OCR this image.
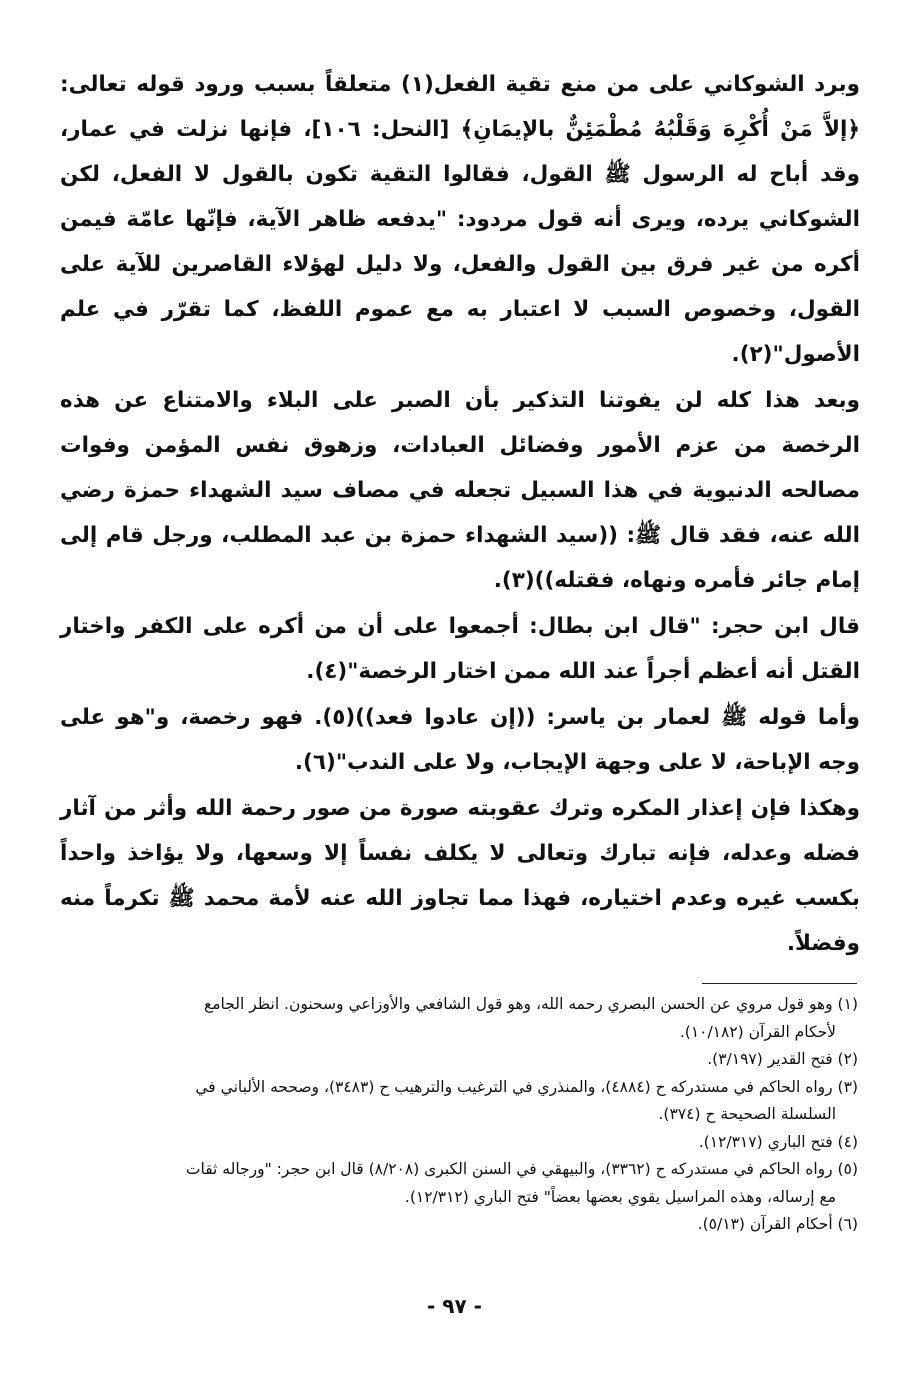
وبرد الشوكاني على من منع تقية الفعل(١) متعلقاً بسبب ورود قوله تعالى: ﴿إلاَّ مَنْ أُكْرِهَ وَقَلْبُهُ مُطْمَئِنٌّ بالإيمَانِ﴾ [النحل: ١٠٦]، فإنها نزلت في عمار، وقد أباح له الرسول ﷺ القول، فقالوا التقية تكون بالقول لا الفعل، لكن الشوكاني يرده، ويرى أنه قول مردود: "يدفعه ظاهر الآية، فإنّها عامّة فيمن أكره من غير فرق بين القول والفعل، ولا دليل لهؤلاء القاصرين للآية على القول، وخصوص السبب لا اعتبار به مع عموم اللفظ، كما تقرّر في علم الأصول"(٢).

وبعد هذا كله لن يفوتنا التذكير بأن الصبر على البلاء والامتناع عن هذه الرخصة من عزم الأمور وفضائل العبادات، وزهوق نفس المؤمن وفوات مصالحه الدنيوية في هذا السبيل تجعله في مصاف سيد الشهداء حمزة رضي الله عنه، فقد قال ﷺ: ((سيد الشهداء حمزة بن عبد المطلب، ورجل قام إلى إمام جائر فأمره ونهاه، فقتله))(٣).

قال ابن حجر: "قال ابن بطال: أجمعوا على أن من أكره على الكفر واختار القتل أنه أعظم أجراً عند الله ممن اختار الرخصة"(٤).

وأما قوله ﷺ لعمار بن ياسر: ((إن عادوا فعد))(٥). فهو رخصة، و"هو على وجه الإباحة، لا على وجهة الإيجاب، ولا على الندب"(٦).

وهكذا فإن إعذار المكره وترك عقوبته صورة من صور رحمة الله وأثر من آثار فضله وعدله، فإنه تبارك وتعالى لا يكلف نفساً إلا وسعها، ولا يؤاخذ واحداً بكسب غيره وعدم اختياره، فهذا مما تجاوز الله عنه لأمة محمد ﷺ تكرماً منه وفضلاً.

(١) وهو قول مروي عن الحسن البصري رحمه الله، وهو قول الشافعي والأوزاعي وسحنون. انظر الجامع

لأحكام القرآن (١٠/١٨٢).

(٢) فتح القدير (٣/١٩٧).

(٣) رواه الحاكم في مستدركه ح (٤٨٨٤)، والمنذري في الترغيب والترهيب ح (٣٤٨٣)، وصححه الألباني في

السلسلة الصحيحة ح (٣٧٤).

(٤) فتح الباري (١٢/٣١٧).

(٥) رواه الحاكم في مستدركه ح (٣٣٦٢)، والبيهقي في السنن الكبرى (٨/٢٠٨) قال ابن حجر: "ورجاله ثقات

مع إرساله، وهذه المراسيل يقوي بعضها بعضاً" فتح الباري (١٢/٣١٢).

(٦) أحكام القرآن (٥/١٣).

- ٩٧ -
